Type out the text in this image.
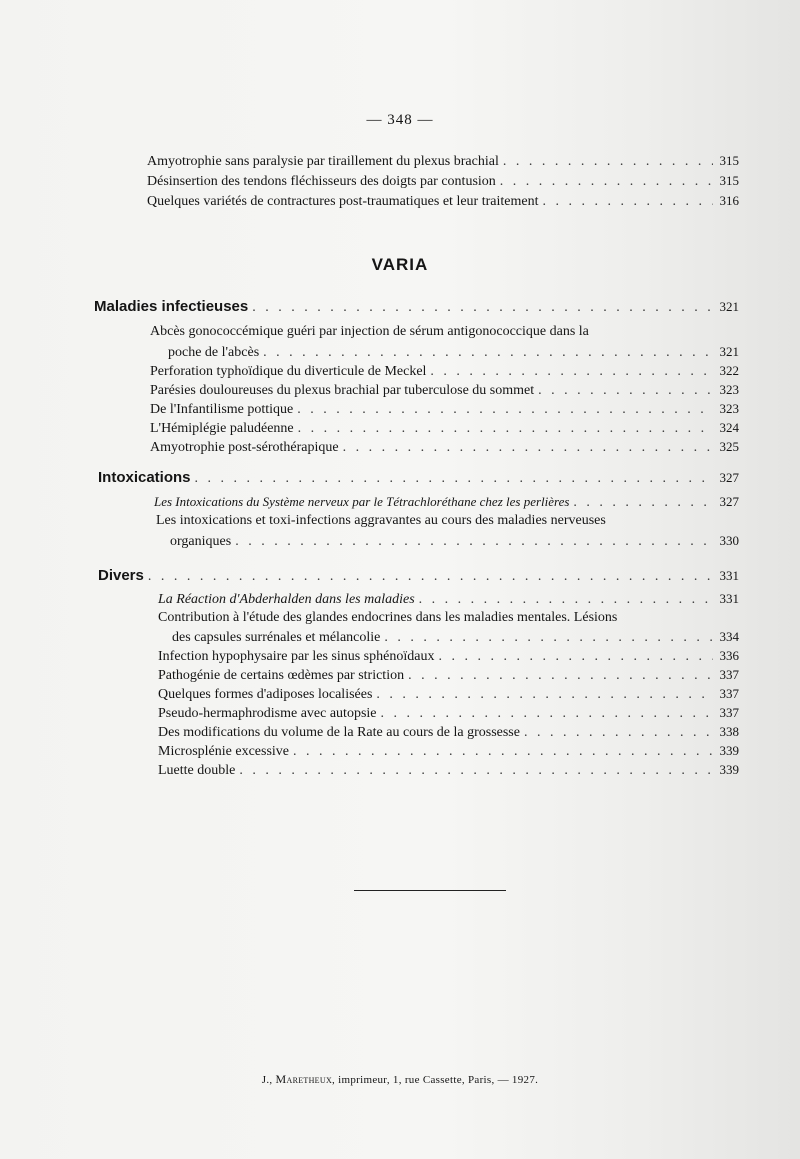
— 348 —
Amyotrophie sans paralysie par tiraillement du plexus brachial . . .	315
Désinsertion des tendons fléchisseurs des doigts par contusion . . .	315
Quelques variétés de contractures post-traumatiques et leur traitement . . .	316
VARIA
Maladies infectieuses . . .	321
Abcès gonococcémique guéri par injection de sérum antigonococcique dans la
poche de l'abcès . . .	321
Perforation typhoïdique du diverticule de Meckel . . .	322
Parésies douloureuses du plexus brachial par tuberculose du sommet . . .	323
De l'Infantilisme pottique . . .	323
L'Hémiplégie paludéenne . . .	324
Amyotrophie post-sérothérapique . . .	325
Intoxications . . .	327
Les Intoxications du Système nerveux par le Tétrachloréthane chez les perlières . . .	327
Les intoxications et toxi-infections aggravantes au cours des maladies nerveuses
organiques . . .	330
Divers . . .	331
La Réaction d'Abderhalden dans les maladies . . .	331
Contribution à l'étude des glandes endocrines dans les maladies mentales. Lésions
des capsules surrénales et mélancolie . . .	334
Infection hypophysaire par les sinus sphénoïdaux . . .	336
Pathogénie de certains œdèmes par striction . . .	337
Quelques formes d'adiposes localisées . . .	337
Pseudo-hermaphrodisme avec autopsie . . .	337
Des modifications du volume de la Rate au cours de la grossesse . . .	338
Microsplénie excessive . . .	339
Luette double . . .	339
J., Maretheux, imprimeur, 1, rue Cassette, Paris, — 1927.
